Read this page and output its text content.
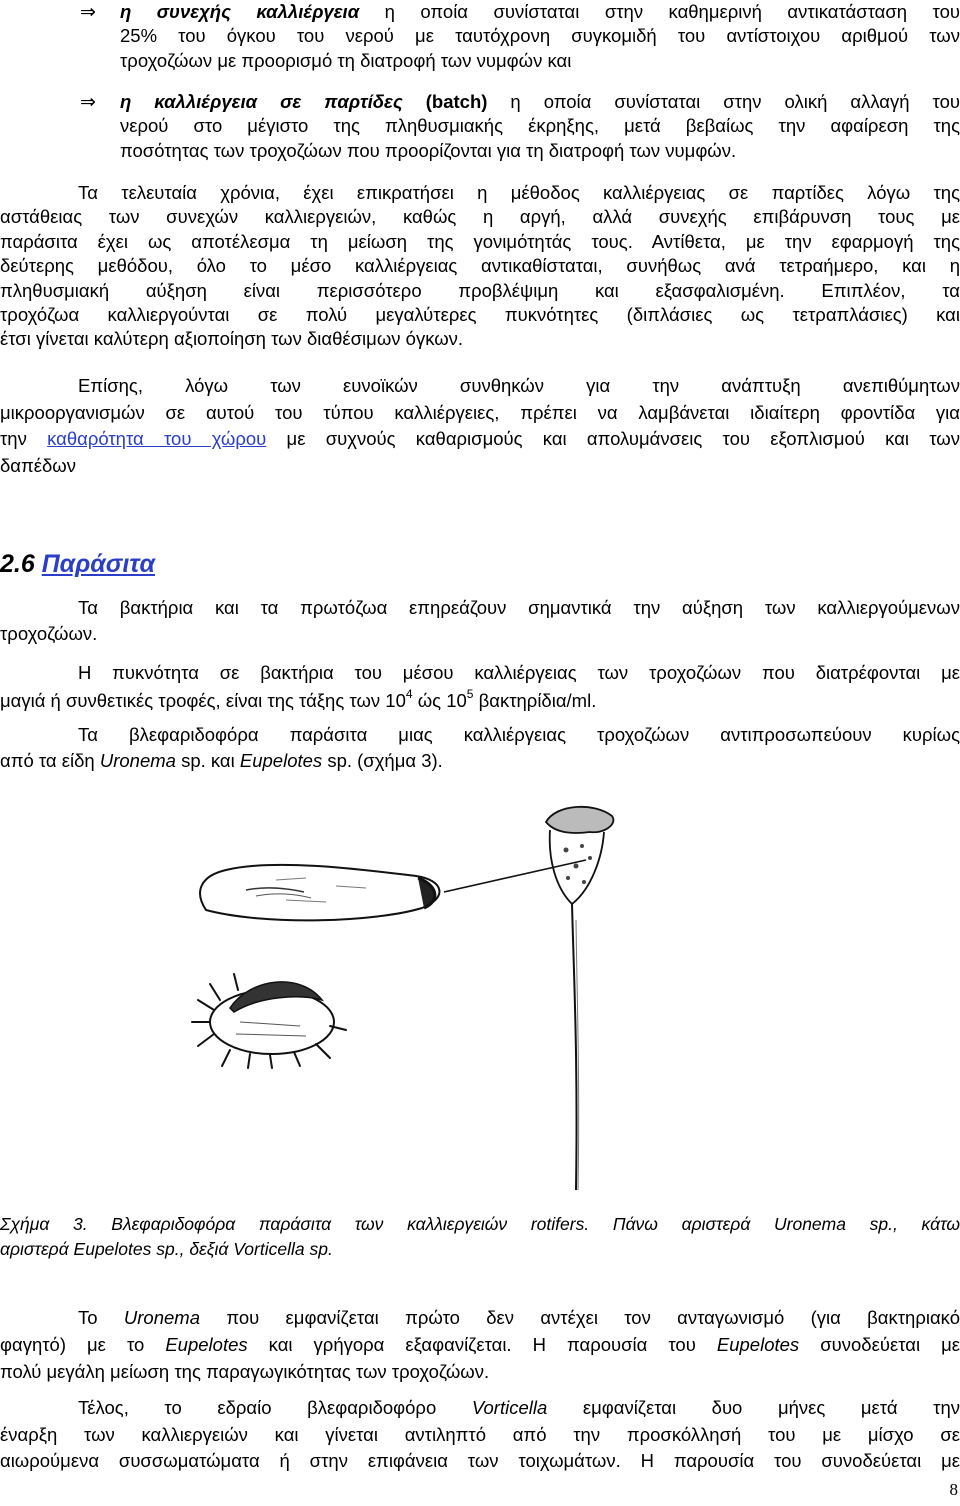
⇒ η συνεχής καλλιέργεια η οποία συνίσταται στην καθημερινή αντικατάσταση του

25% του όγκου του νερού με ταυτόχρονη συγκομιδή του αντίστοιχου αριθμού των

τροχοζώων με προορισμό τη διατροφή των νυμφών και

⇒ η καλλιέργεια σε παρτίδες (batch) η οποία συνίσταται στην ολική αλλαγή του

νερού στο μέγιστο της πληθυσμιακής έκρηξης, μετά βεβαίως την αφαίρεση της

ποσότητας των τροχοζώων που προορίζονται για τη διατροφή των νυμφών.

Τα τελευταία χρόνια, έχει επικρατήσει η μέθοδος καλλιέργειας σε παρτίδες λόγω της

αστάθειας των συνεχών καλλιεργειών, καθώς η αργή, αλλά συνεχής επιβάρυνση τους με

παράσιτα έχει ως αποτέλεσμα τη μείωση της γονιμότητάς τους. Αντίθετα, με την εφαρμογή της

δεύτερης μεθόδου, όλο το μέσο καλλιέργειας αντικαθίσταται, συνήθως ανά τετραήμερο, και η

πληθυσμιακή αύξηση είναι περισσότερο προβλέψιμη και εξασφαλισμένη. Επιπλέον, τα

τροχόζωα καλλιεργούνται σε πολύ μεγαλύτερες πυκνότητες (διπλάσιες ως τετραπλάσιες) και

έτσι γίνεται καλύτερη αξιοποίηση των διαθέσιμων όγκων.

Επίσης, λόγω των ευνοϊκών συνθηκών για την ανάπτυξη ανεπιθύμητων

μικροοργανισμών σε αυτού του τύπου καλλιέργειες, πρέπει να λαμβάνεται ιδιαίτερη φροντίδα για

την καθαρότητα του χώρου με συχνούς καθαρισμούς και απολυμάνσεις του εξοπλισμού και των

δαπέδων

2.6 Παράσιτα

Τα βακτήρια και τα πρωτόζωα επηρεάζουν σημαντικά την αύξηση των καλλιεργούμενων

τροχοζώων.

Η πυκνότητα σε βακτήρια του μέσου καλλιέργειας των τροχοζώων που διατρέφονται με

μαγιά ή συνθετικές τροφές, είναι της τάξης των $10^4$ ώς $10^5$ βακτηρίδια/ml.

Τα βλεφαριδοφόρα παράσιτα μιας καλλιέργειας τροχοζώων αντιπροσωπεύουν κυρίως

από τα είδη Uronema sp. και Eupelotes sp. (σχήμα 3).

Σχήμα 3. Βλεφαριδοφόρα παράσιτα των καλλιεργειών rotifers. Πάνω αριστερά Uronema sp., κάτω

αριστερά Eupelotes sp., δεξιά Vorticella sp.

Το Uronema που εμφανίζεται πρώτο δεν αντέχει τον ανταγωνισμό (για βακτηριακό

φαγητό) με το Eupelotes και γρήγορα εξαφανίζεται. Η παρουσία του Eupelotes συνοδεύεται με

πολύ μεγάλη μείωση της παραγωγικότητας των τροχοζώων.

Τέλος, το εδραίο βλεφαριδοφόρο Vorticella εμφανίζεται δυο μήνες μετά την

έναρξη των καλλιεργειών και γίνεται αντιληπτό από την προσκόλλησή του με μίσχο σε

αιωρούμενα συσσωματώματα ή στην επιφάνεια των τοιχωμάτων. Η παρουσία του συνοδεύεται με

8
